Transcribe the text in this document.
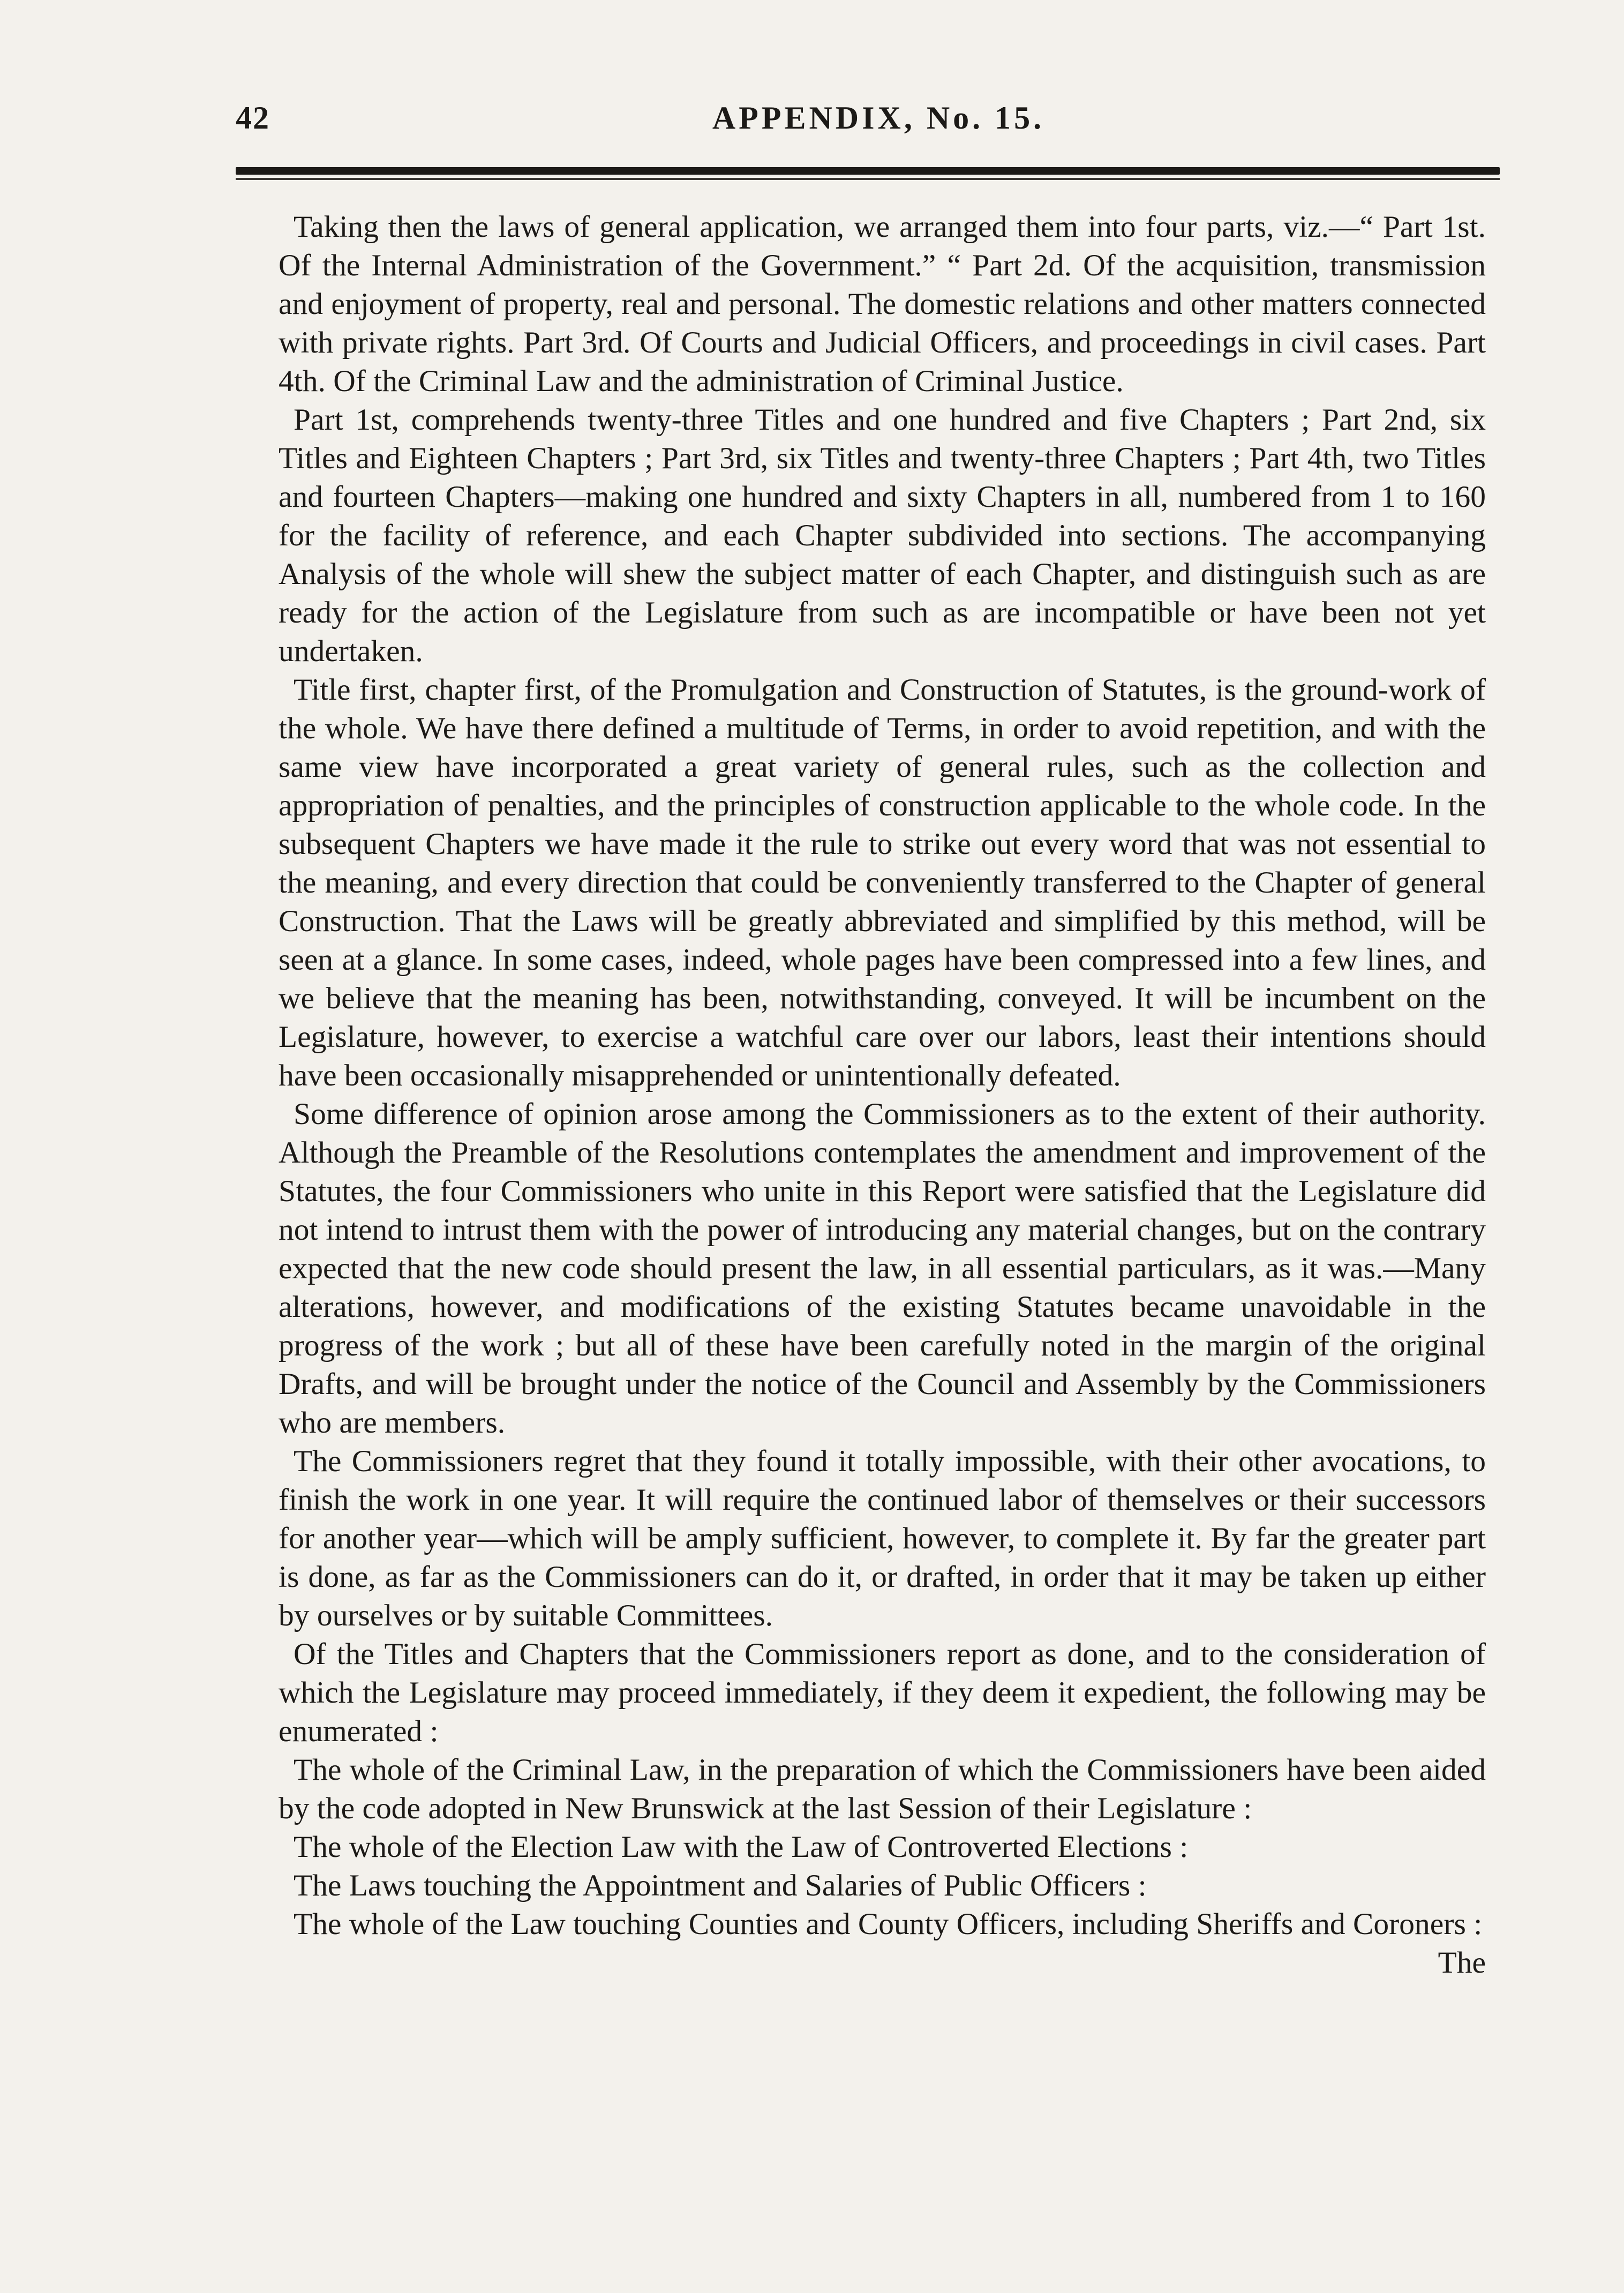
42	APPENDIX, No. 15.

Taking then the laws of general application, we arranged them into four parts, viz.—“ Part 1st. Of the Internal Administration of the Government.” “ Part 2d. Of the acquisition, transmission and enjoyment of property, real and personal. The domestic relations and other matters connected with private rights. Part 3rd. Of Courts and Judicial Officers, and proceedings in civil cases. Part 4th. Of the Criminal Law and the administration of Criminal Justice.

Part 1st, comprehends twenty-three Titles and one hundred and five Chapters ; Part 2nd, six Titles and Eighteen Chapters ; Part 3rd, six Titles and twenty-three Chapters ; Part 4th, two Titles and fourteen Chapters—making one hundred and sixty Chapters in all, numbered from 1 to 160 for the facility of reference, and each Chapter subdivided into sections. The accompanying Analysis of the whole will shew the subject matter of each Chapter, and distinguish such as are ready for the action of the Legislature from such as are incompatible or have been not yet undertaken.

Title first, chapter first, of the Promulgation and Construction of Statutes, is the ground-work of the whole. We have there defined a multitude of Terms, in order to avoid repetition, and with the same view have incorporated a great variety of general rules, such as the collection and appropriation of penalties, and the principles of construction applicable to the whole code. In the subsequent Chapters we have made it the rule to strike out every word that was not essential to the meaning, and every direction that could be conveniently transferred to the Chapter of general Construction. That the Laws will be greatly abbreviated and simplified by this method, will be seen at a glance. In some cases, indeed, whole pages have been compressed into a few lines, and we believe that the meaning has been, notwithstanding, conveyed. It will be incumbent on the Legislature, however, to exercise a watchful care over our labors, least their intentions should have been occasionally misapprehended or unintentionally defeated.

Some difference of opinion arose among the Commissioners as to the extent of their authority. Although the Preamble of the Resolutions contemplates the amendment and improvement of the Statutes, the four Commissioners who unite in this Report were satisfied that the Legislature did not intend to intrust them with the power of introducing any material changes, but on the contrary expected that the new code should present the law, in all essential particulars, as it was.—Many alterations, however, and modifications of the existing Statutes became unavoidable in the progress of the work ; but all of these have been carefully noted in the margin of the original Drafts, and will be brought under the notice of the Council and Assembly by the Commissioners who are members.

The Commissioners regret that they found it totally impossible, with their other avocations, to finish the work in one year. It will require the continued labor of themselves or their successors for another year—which will be amply sufficient, however, to complete it. By far the greater part is done, as far as the Commissioners can do it, or drafted, in order that it may be taken up either by ourselves or by suitable Committees.

Of the Titles and Chapters that the Commissioners report as done, and to the consideration of which the Legislature may proceed immediately, if they deem it expedient, the following may be enumerated :

The whole of the Criminal Law, in the preparation of which the Commissioners have been aided by the code adopted in New Brunswick at the last Session of their Legislature :

The whole of the Election Law with the Law of Controverted Elections :

The Laws touching the Appointment and Salaries of Public Officers :

The whole of the Law touching Counties and County Officers, including Sheriffs and Coroners :

The
